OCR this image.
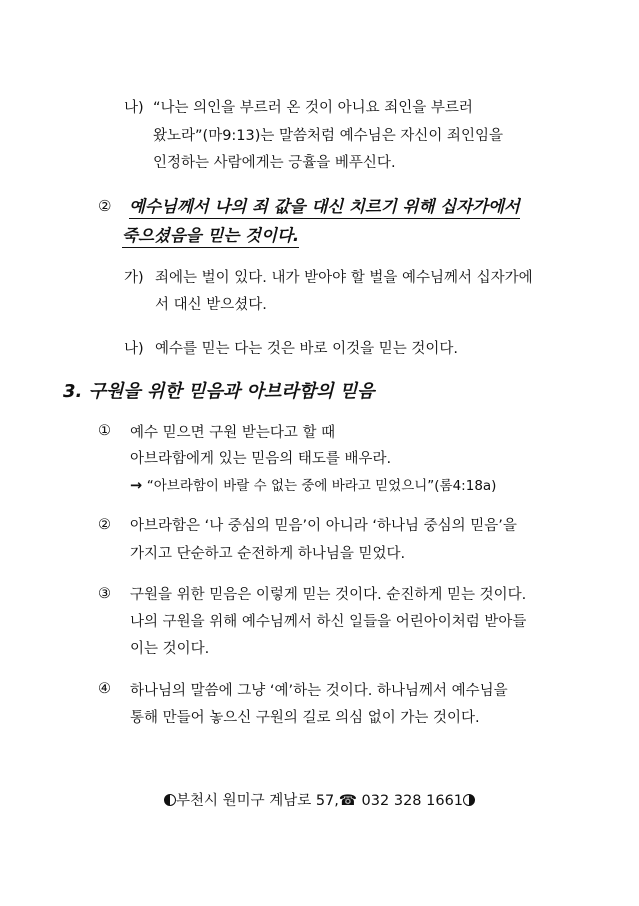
나) “나는 의인을 부르러 온 것이 아니요 죄인을 부르러
왔노라”(마9:13)는 말씀처럼 예수님은 자신이 죄인임을
인정하는 사람에게는 긍휼을 베푸신다.
② 예수님께서 나의 죄 값을 대신 치르기 위해 십자가에서
죽으셨음을 믿는 것이다.
가) 죄에는 벌이 있다. 내가 받아야 할 벌을 예수님께서 십자가에
서 대신 받으셨다.
나) 예수를 믿는 다는 것은 바로 이것을 믿는 것이다.
3. 구원을 위한 믿음과 아브라함의 믿음
① 예수 믿으면 구원 받는다고 할 때
아브라함에게 있는 믿음의 태도를 배우라.
→ “아브라함이 바랄 수 없는 중에 바라고 믿었으니”(롬4:18a)
② 아브라함은 ‘나 중심의 믿음’이 아니라 ‘하나님 중심의 믿음’을
가지고 단순하고 순전하게 하나님을 믿었다.
③ 구원을 위한 믿음은 이렇게 믿는 것이다. 순진하게 믿는 것이다.
나의 구원을 위해 예수님께서 하신 일들을 어린아이처럼 받아들
이는 것이다.
④ 하나님의 말씀에 그냥 ‘예’하는 것이다. 하나님께서 예수님을
통해 만들어 놓으신 구원의 길로 의심 없이 가는 것이다.
부천시 원미구 계남로 57,☎ 032 328 1661
